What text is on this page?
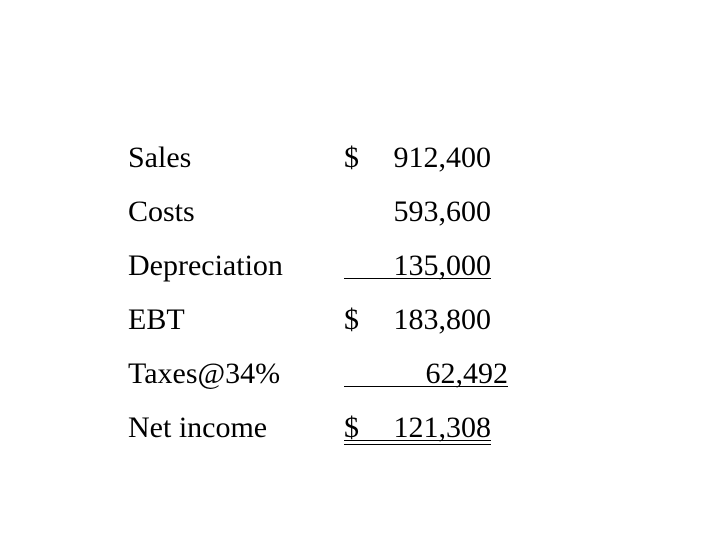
Sales	$	912,400
Costs	593,600
Depreciation	135,000
EBT	$	183,800
Taxes@34%	62,492
Net income	$	121,308
